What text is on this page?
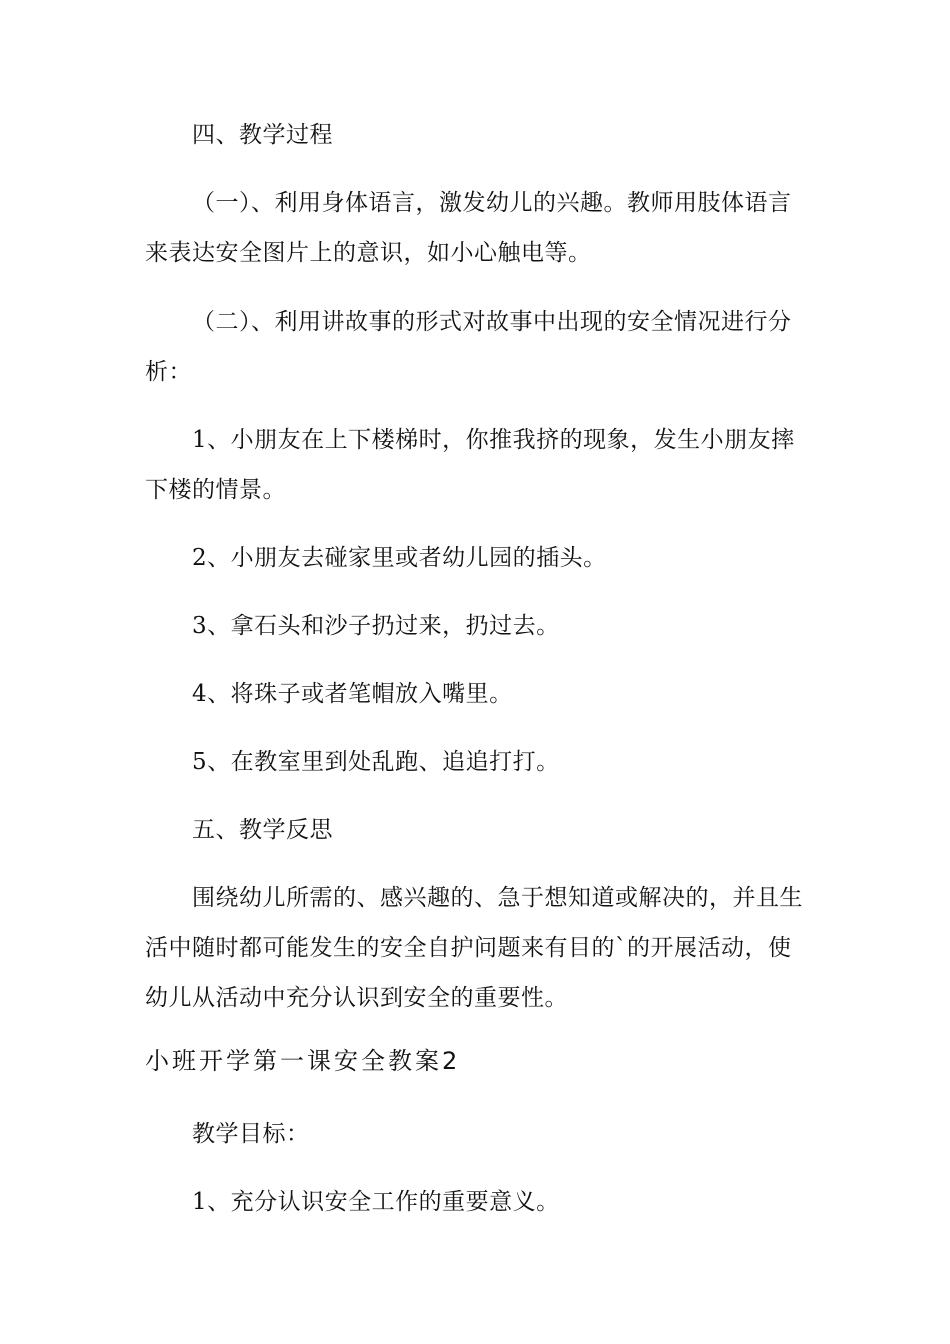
四、教学过程
（一）、利用身体语言，激发幼儿的兴趣。教师用肢体语言
来表达安全图片上的意识，如小心触电等。
（二）、利用讲故事的形式对故事中出现的安全情况进行分
析：
1、小朋友在上下楼梯时，你推我挤的现象，发生小朋友摔
下楼的情景。
2、小朋友去碰家里或者幼儿园的插头。
3、拿石头和沙子扔过来，扔过去。
4、将珠子或者笔帽放入嘴里。
5、在教室里到处乱跑、追追打打。
五、教学反思
围绕幼儿所需的、感兴趣的、急于想知道或解决的，并且生
活中随时都可能发生的安全自护问题来有目的`的开展活动，使
幼儿从活动中充分认识到安全的重要性。
小班开学第一课安全教案2
教学目标：
1、充分认识安全工作的重要意义。
